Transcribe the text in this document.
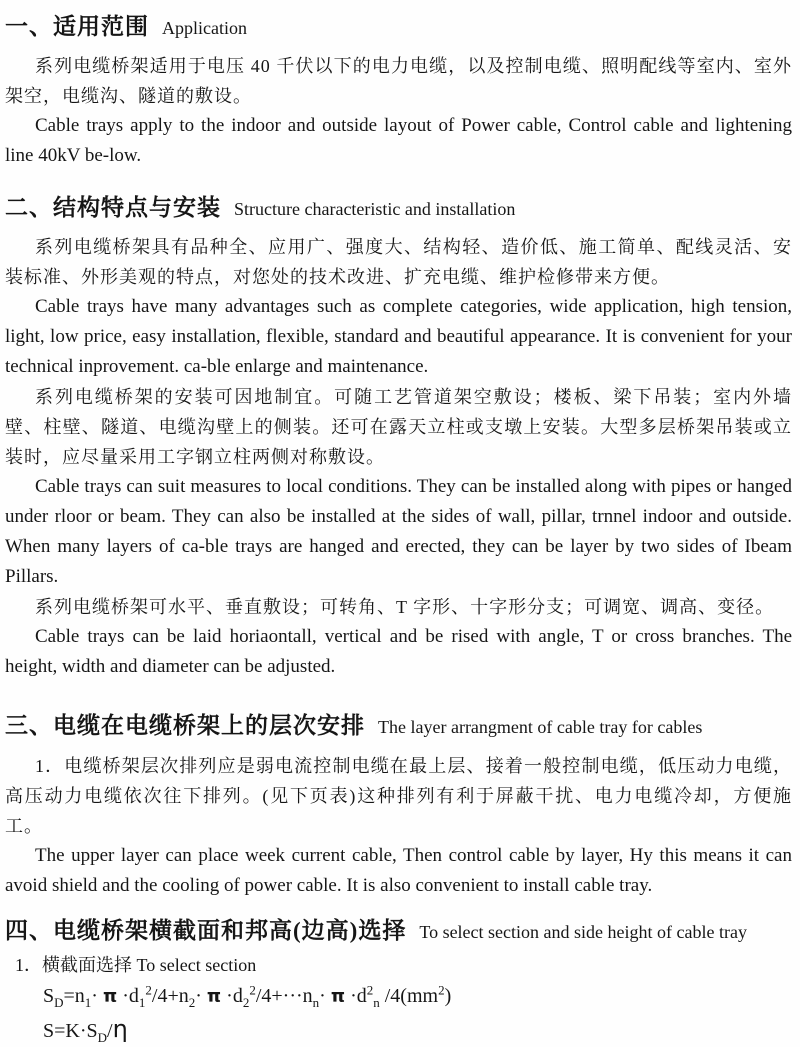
一、适用范围 Application

系列电缆桥架适用于电压 40 千伏以下的电力电缆，以及控制电缆、照明配线等室内、室外架空，电缆沟、隧道的敷设。

Cable trays apply to the indoor and outside layout of Power cable, Control cable and lightening line 40kV be-low.

二、结构特点与安装 Structure characteristic and installation

系列电缆桥架具有品种全、应用广、强度大、结构轻、造价低、施工简单、配线灵活、安装标准、外形美观的特点，对您处的技术改进、扩充电缆、维护检修带来方便。

Cable trays have many advantages such as complete categories, wide application, high tension, light, low price, easy installation, flexible, standard and beautiful appearance. It is convenient for your technical inprovement. ca-ble enlarge and maintenance.

系列电缆桥架的安装可因地制宜。可随工艺管道架空敷设；楼板、梁下吊装；室内外墙壁、柱壁、隧道、电缆沟壁上的侧装。还可在露天立柱或支墩上安装。大型多层桥架吊装或立装时，应尽量采用工字钢立柱两侧对称敷设。

Cable trays can suit measures to local conditions. They can be installed along with pipes or hanged under rloor or beam. They can also be installed at the sides of wall, pillar, trnnel indoor and outside. When many layers of ca-ble trays are hanged and erected, they can be layer by two sides of Ibeam Pillars.

系列电缆桥架可水平、垂直敷设；可转角、T 字形、十字形分支；可调宽、调高、变径。

Cable trays can be laid horiaontall, vertical and be rised with angle, T or cross branches. The height, width and diameter can be adjusted.

三、电缆在电缆桥架上的层次安排 The layer arrangment of cable tray for cables

1．电缆桥架层次排列应是弱电流控制电缆在最上层、接着一般控制电缆，低压动力电缆，高压动力电缆依次往下排列。(见下页表)这种排列有利于屏蔽干扰、电力电缆冷却，方便施工。

The upper layer can place week current cable, Then control cable by layer, Hy this means it can avoid shield and the cooling of power cable. It is also convenient to install cable tray.

四、电缆桥架横截面和邦高(边高)选择 To select section and side height of cable tray

1．横截面选择 To select section

$S_D=n_1\cdot \pi \cdot d_1^2/4+n_2\cdot \pi \cdot d_2^2/4+\cdot\cdot\cdot n_n\cdot \pi \cdot d^2_n$ $/4(mm^2)$

$S=K\cdot S_D/\eta$
